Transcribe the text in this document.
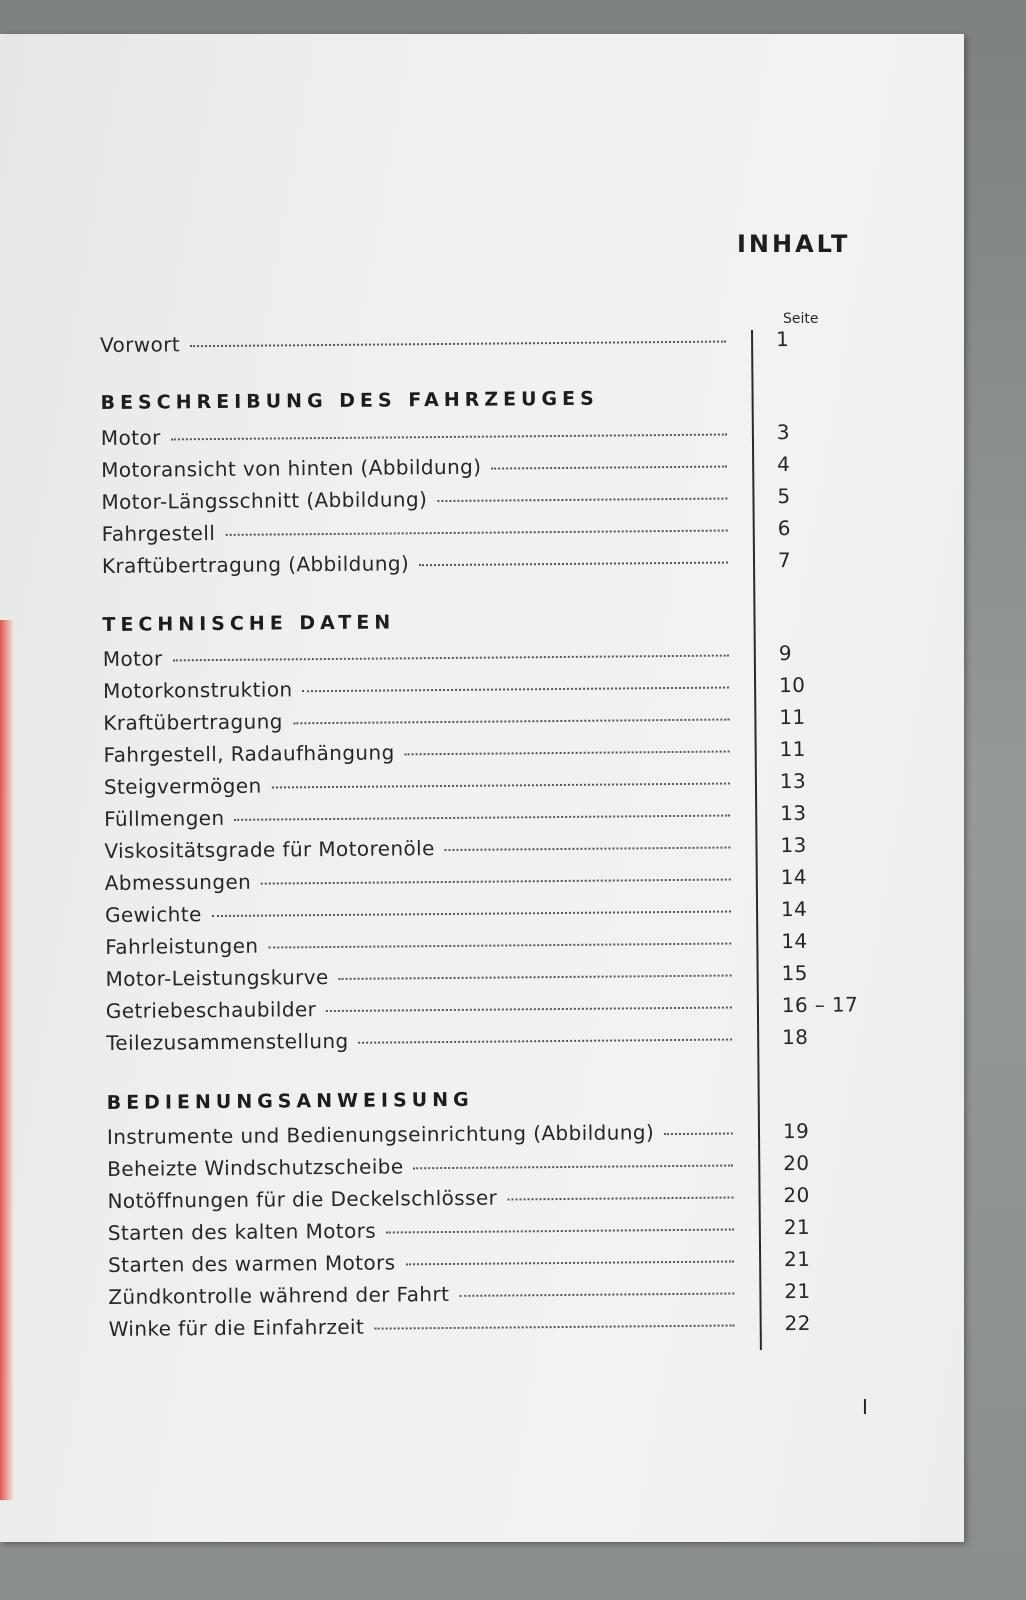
INHALT
Seite
Vorwort	1
BESCHREIBUNG DES FAHRZEUGES
Motor	3
Motoransicht von hinten (Abbildung)	4
Motor-Längsschnitt (Abbildung)	5
Fahrgestell	6
Kraftübertragung (Abbildung)	7
TECHNISCHE DATEN
Motor	9
Motorkonstruktion	10
Kraftübertragung	11
Fahrgestell, Radaufhängung	11
Steigvermögen	13
Füllmengen	13
Viskositätsgrade für Motorenöle	13
Abmessungen	14
Gewichte	14
Fahrleistungen	14
Motor-Leistungskurve	15
Getriebeschaubilder	16 – 17
Teilezusammenstellung	18
BEDIENUNGSANWEISUNG
Instrumente und Bedienungseinrichtung (Abbildung)	19
Beheizte Windschutzscheibe	20
Notöffnungen für die Deckelschlösser	20
Starten des kalten Motors	21
Starten des warmen Motors	21
Zündkontrolle während der Fahrt	21
Winke für die Einfahrzeit	22
I
